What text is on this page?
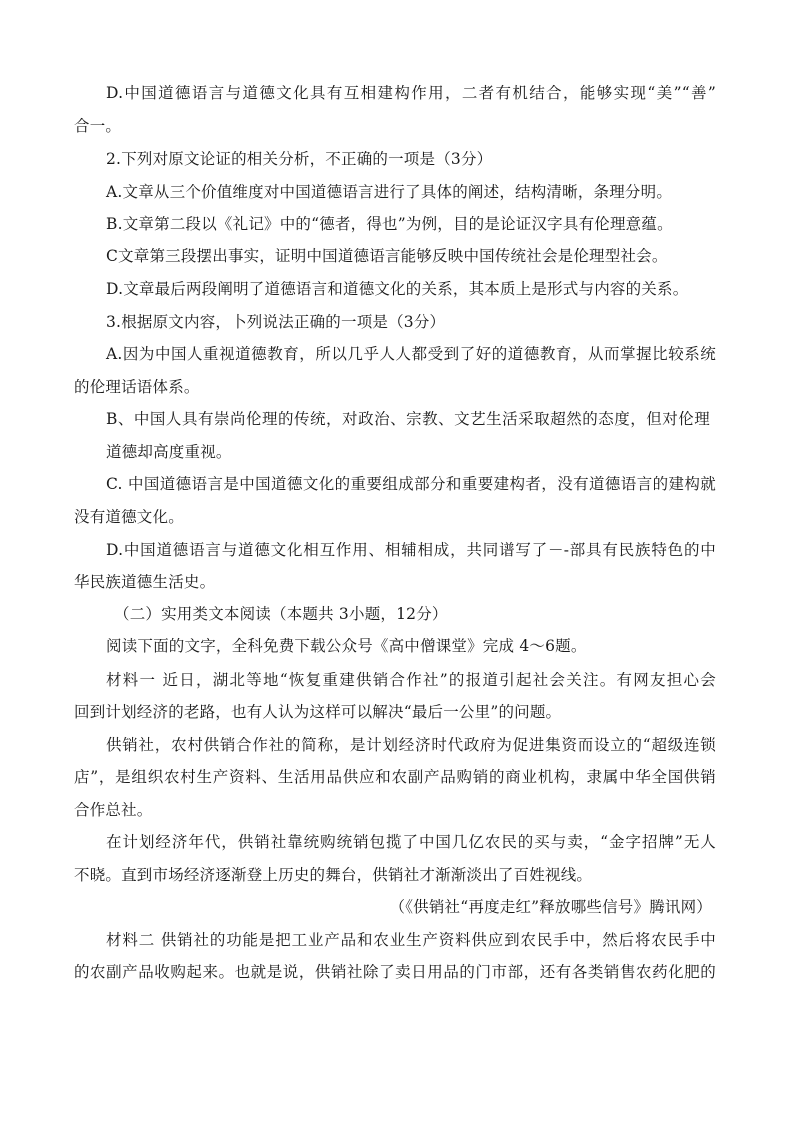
D.中国道德语言与道德文化具有互相建构作用，二者有机结合，能够实现“美”“善”
合一。
2.下列对原文论证的相关分析，不正确的一项是（3分）
A.文章从三个价值维度对中国道德语言进行了具体的阐述，结构清晰，条理分明。
B.文章第二段以《礼记》中的“德者，得也”为例，目的是论证汉字具有伦理意蕴。
C文章第三段摆出事实，证明中国道德语言能够反映中国传统社会是伦理型社会。
D.文章最后两段阐明了道德语言和道德文化的关系，其本质上是形式与内容的关系。
3.根据原文内容，卜列说法正确的一项是（3分）
A.因为中国人重视道德教育，所以几乎人人都受到了好的道德教育，从而掌握比较系统
的伦理话语体系。
B、中国人具有崇尚伦理的传统，对政治、宗教、文艺生活采取超然的态度，但对伦理
道德却高度重视。
C. 中国道德语言是中国道德文化的重要组成部分和重要建构者，没有道德语言的建构就
没有道德文化。
D.中国道德语言与道德文化相互作用、相辅相成，共同谱写了－-部具有民族特色的中
华民族道德生活史。
（二）实用类文本阅读（本题共 3小题，12分）
阅读下面的文字，全科免费下载公众号《高中僧课堂》完成 4～6题。
材料一 近日，湖北等地“恢复重建供销合作社”的报道引起社会关注。有网友担心会
回到计划经济的老路，也有人认为这样可以解决“最后一公里”的问题。
供销社，农村供销合作社的简称，是计划经济时代政府为促进集资而设立的“超级连锁
店”，是组织农村生产资料、生活用品供应和农副产品购销的商业机构，隶属中华全国供销
合作总社。
在计划经济年代，供销社靠统购统销包揽了中国几亿农民的买与卖，“金字招牌”无人
不晓。直到市场经济逐渐登上历史的舞台，供销社才渐渐淡出了百姓视线。
（《供销社“再度走红”释放哪些信号》腾讯网）
材料二 供销社的功能是把工业产品和农业生产资料供应到农民手中，然后将农民手中
的农副产品收购起来。也就是说，供销社除了卖日用品的门市部，还有各类销售农药化肥的
